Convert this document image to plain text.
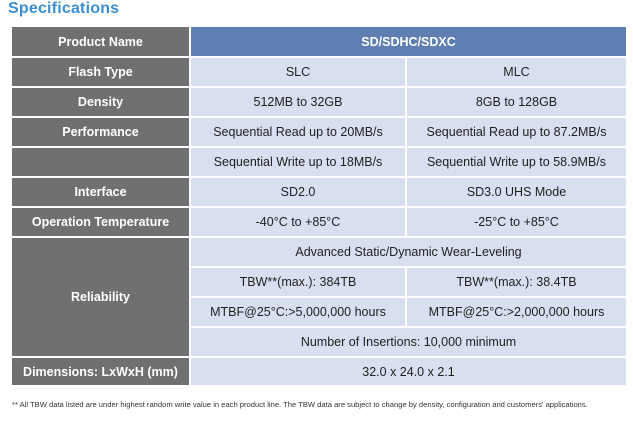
Specifications
Product Name	SD/SDHC/SDXC	
Flash Type	SLC	MLC
Density	512MB to 32GB	8GB to 128GB
Performance	Sequential Read up to 20MB/s	Sequential Read up to 87.2MB/s
	Sequential Write up to 18MB/s	Sequential Write up to 58.9MB/s
Interface	SD2.0	SD3.0 UHS Mode
Operation Temperature	-40°C to +85°C	-25°C to +85°C
Reliability	Advanced Static/Dynamic Wear-Leveling	
	TBW**(max.): 384TB	TBW**(max.): 38.4TB
	MTBF@25°C:>5,000,000 hours	MTBF@25°C:>2,000,000 hours
	Number of Insertions: 10,000 minimum	
Dimensions: LxWxH (mm)	32.0 x 24.0 x 2.1	
** All TBW data listed are under highest random write value in each product line. The TBW data are subject to change by density, configuration and customers' applications.
